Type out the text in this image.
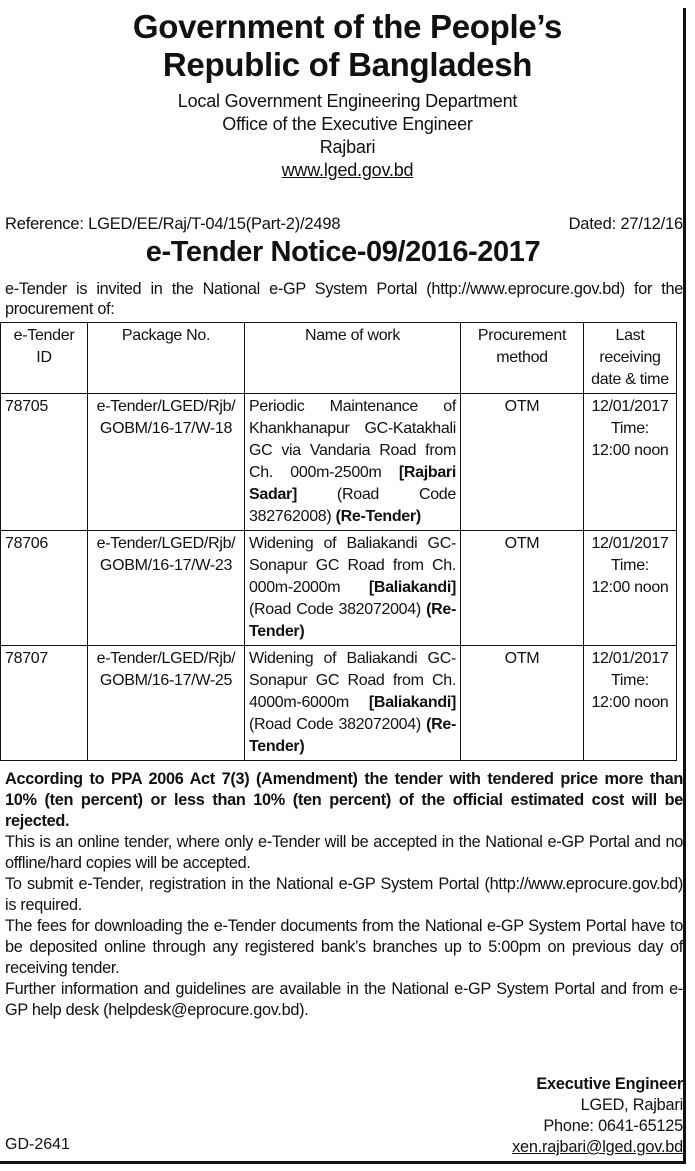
Government of the People’s
Republic of Bangladesh
Local Government Engineering Department
Office of the Executive Engineer
Rajbari
www.lged.gov.bd
Reference: LGED/EE/Raj/T-04/15(Part-2)/2498	Dated: 27/12/16
e-Tender Notice-09/2016-2017
e-Tender is invited in the National e-GP System Portal (http://www.eprocure.gov.bd) for the procurement of:
e-Tender ID	Package No.	Name of work	Procurement method	Last receiving date & time
78705	e-Tender/LGED/Rjb/ GOBM/16-17/W-18	Periodic Maintenance of Khankhanapur GC-Katakhali GC via Vandaria Road from Ch. 000m-2500m [Rajbari Sadar] (Road Code 382762008) (Re-Tender)	OTM	12/01/2017
Time:
12:00 noon

78706	e-Tender/LGED/Rjb/ GOBM/16-17/W-23	Widening of Baliakandi GC-Sonapur GC Road from Ch. 000m-2000m [Baliakandi] (Road Code 382072004) (Re-Tender)	OTM	12/01/2017
Time:
12:00 noon

78707	e-Tender/LGED/Rjb/ GOBM/16-17/W-25	Widening of Baliakandi GC-Sonapur GC Road from Ch. 4000m-6000m [Baliakandi] (Road Code 382072004) (Re-Tender)	OTM	12/01/2017
Time:
12:00 noon

According to PPA 2006 Act 7(3) (Amendment) the tender with tendered price more than 10% (ten percent) or less than 10% (ten percent) of the official estimated cost will be rejected.

This is an online tender, where only e-Tender will be accepted in the National e-GP Portal and no offline/hard copies will be accepted.

To submit e-Tender, registration in the National e-GP System Portal (http://www.eprocure.gov.bd) is required.

The fees for downloading the e-Tender documents from the National e-GP System Portal have to be deposited online through any registered bank’s branches up to 5:00pm on previous day of receiving tender.

Further information and guidelines are available in the National e-GP System Portal and from e-GP help desk (helpdesk@eprocure.gov.bd).

Executive Engineer
LGED, Rajbari
Phone: 0641-65125
xen.rajbari@lged.gov.bd
GD-2641
